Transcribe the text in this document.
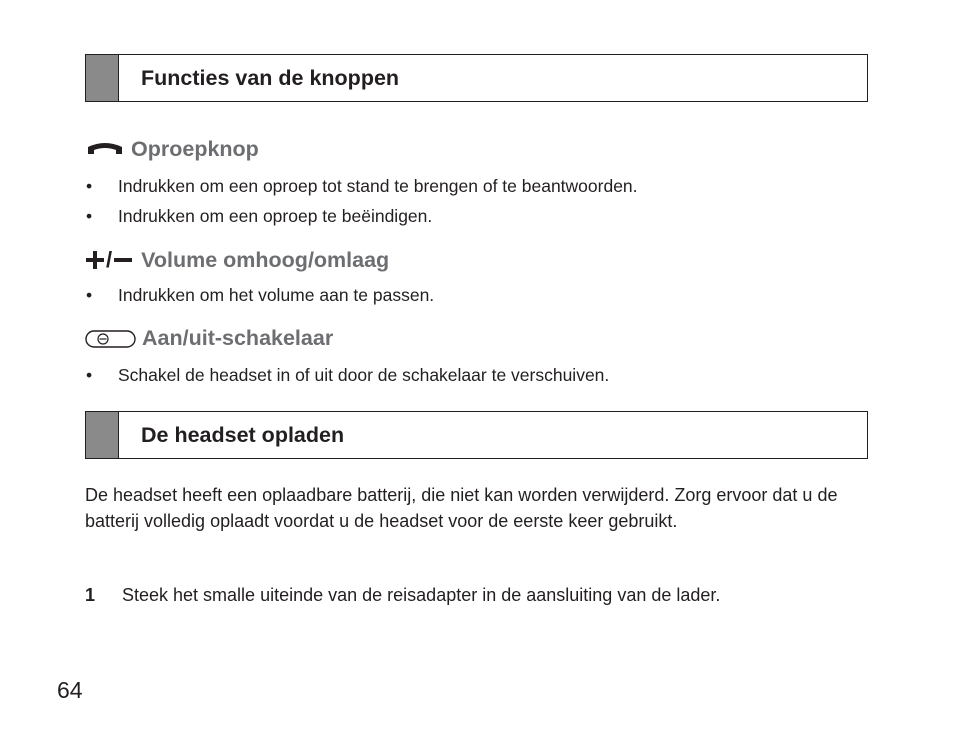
Functies van de knoppen
Oproepknop
•	Indrukken om een oproep tot stand te brengen of te beantwoorden.
•	Indrukken om een oproep te beëindigen.
/ Volume omhoog/omlaag
•	Indrukken om het volume aan te passen.
Aan/uit-schakelaar
•	Schakel de headset in of uit door de schakelaar te verschuiven.
De headset opladen
De headset heeft een oplaadbare batterij, die niet kan worden verwijderd. Zorg ervoor dat u de batterij volledig oplaadt voordat u de headset voor de eerste keer gebruikt.
1	Steek het smalle uiteinde van de reisadapter in de aansluiting van de lader.
64
